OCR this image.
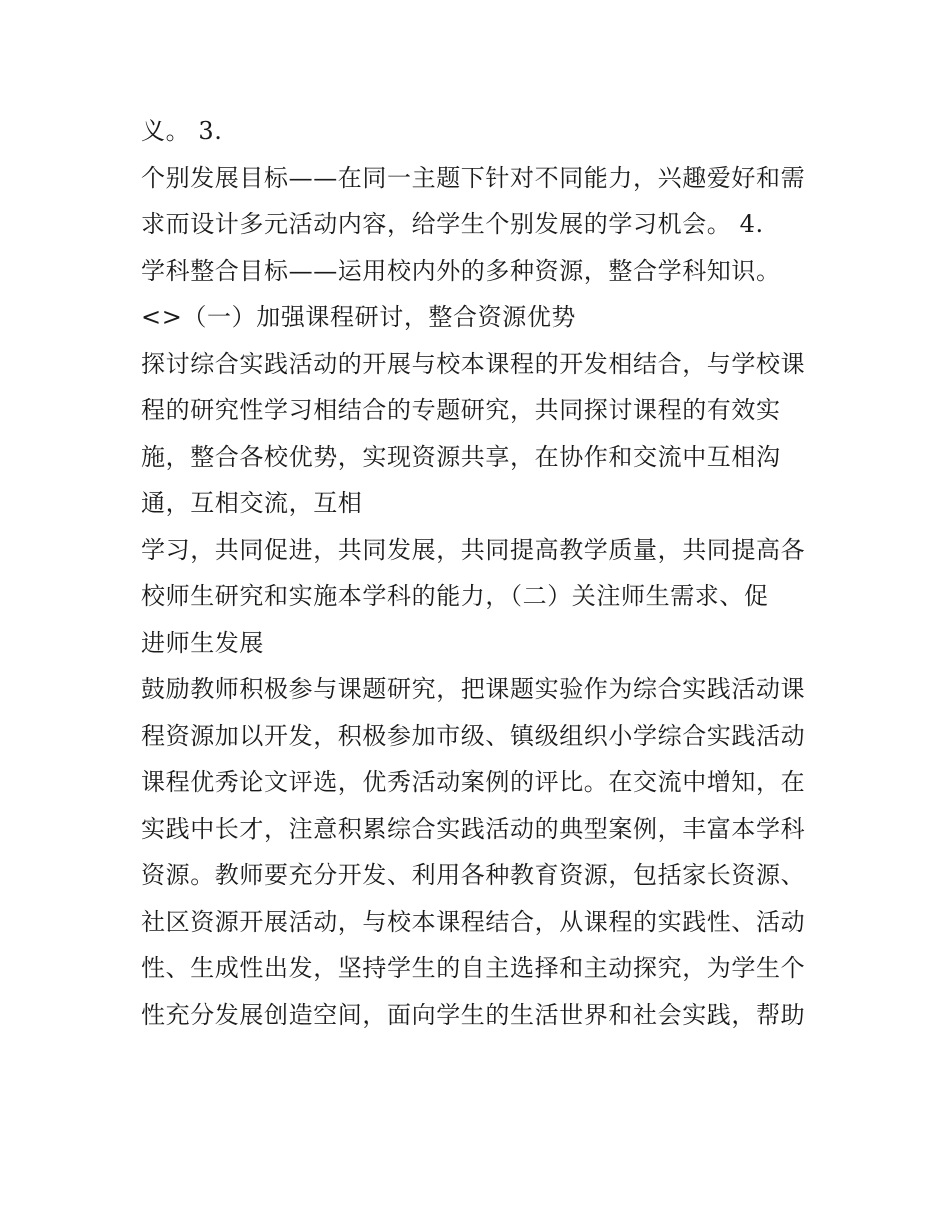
义。 3.
个别发展目标——在同一主题下针对不同能力，兴趣爱好和需
求而设计多元活动内容，给学生个别发展的学习机会。 4.
学科整合目标——运用校内外的多种资源，整合学科知识。
<>（一）加强课程研讨，整合资源优势
探讨综合实践活动的开展与校本课程的开发相结合，与学校课
程的研究性学习相结合的专题研究，共同探讨课程的有效实
施，整合各校优势，实现资源共享，在协作和交流中互相沟
通，互相交流，互相
学习，共同促进，共同发展，共同提高教学质量，共同提高各
校师生研究和实施本学科的能力，（二）关注师生需求、促
进师生发展
鼓励教师积极参与课题研究，把课题实验作为综合实践活动课
程资源加以开发，积极参加市级、镇级组织小学综合实践活动
课程优秀论文评选，优秀活动案例的评比。在交流中增知，在
实践中长才，注意积累综合实践活动的典型案例，丰富本学科
资源。教师要充分开发、利用各种教育资源，包括家长资源、
社区资源开展活动，与校本课程结合，从课程的实践性、活动
性、生成性出发，坚持学生的自主选择和主动探究，为学生个
性充分发展创造空间，面向学生的生活世界和社会实践，帮助
